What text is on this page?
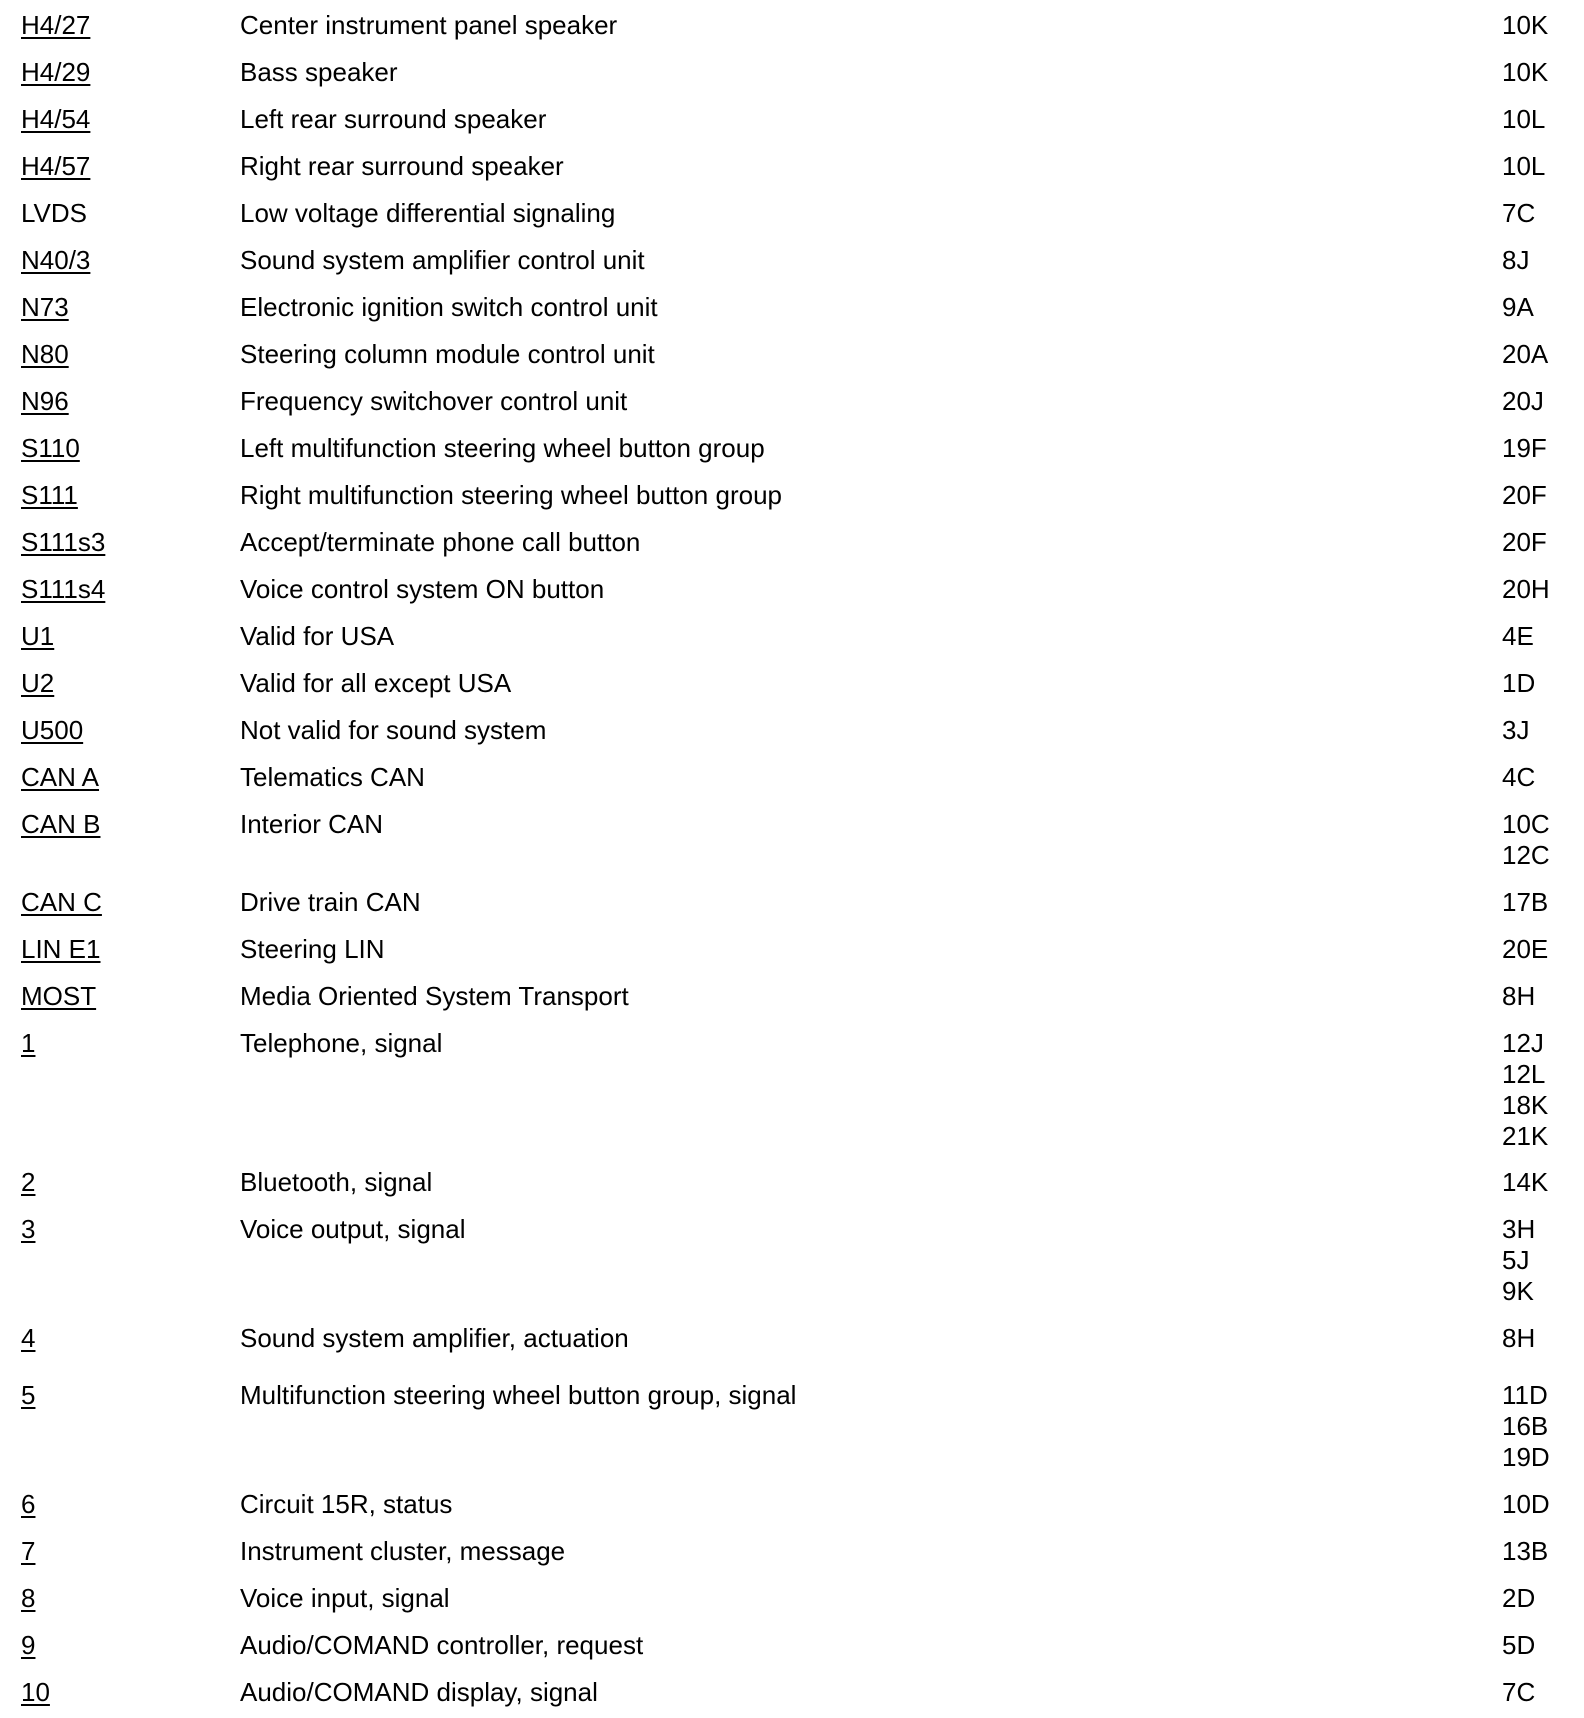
H4/27	Center instrument panel speaker	10K
H4/29	Bass speaker	10K
H4/54	Left rear surround speaker	10L
H4/57	Right rear surround speaker	10L
LVDS	Low voltage differential signaling	7C
N40/3	Sound system amplifier control unit	8J
N73	Electronic ignition switch control unit	9A
N80	Steering column module control unit	20A
N96	Frequency switchover control unit	20J
S110	Left multifunction steering wheel button group	19F
S111	Right multifunction steering wheel button group	20F
S111s3	Accept/terminate phone call button	20F
S111s4	Voice control system ON button	20H
U1	Valid for USA	4E
U2	Valid for all except USA	1D
U500	Not valid for sound system	3J
CAN A	Telematics CAN	4C
CAN B	Interior CAN	10C
12C
CAN C	Drive train CAN	17B
LIN E1	Steering LIN	20E
MOST	Media Oriented System Transport	8H
1	Telephone, signal	12J
12L
18K
21K
2	Bluetooth, signal	14K
3	Voice output, signal	3H
5J
9K
4	Sound system amplifier, actuation	8H
5	Multifunction steering wheel button group, signal	11D
16B
19D
6	Circuit 15R, status	10D
7	Instrument cluster, message	13B
8	Voice input, signal	2D
9	Audio/COMAND controller, request	5D
10	Audio/COMAND display, signal	7C
